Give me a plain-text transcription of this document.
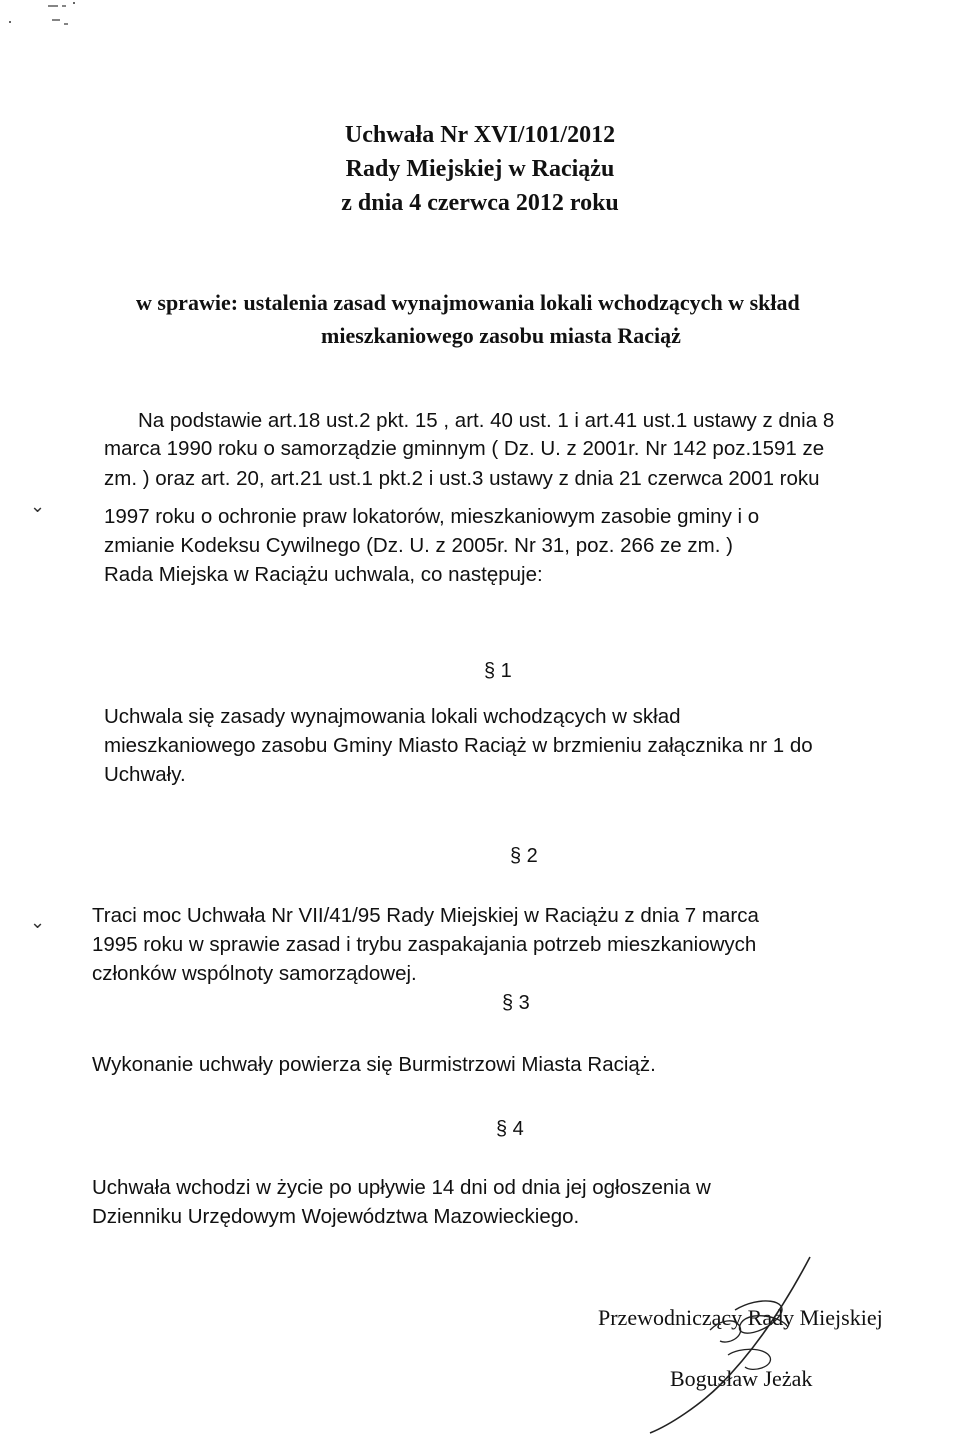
Uchwała Nr XVI/101/2012
Rady Miejskiej w Raciążu
z dnia 4 czerwca 2012 roku
w sprawie: ustalenia zasad wynajmowania lokali wchodzących w skład
mieszkaniowego zasobu miasta Raciąż
Na podstawie art.18 ust.2 pkt. 15 , art. 40 ust. 1 i art.41 ust.1 ustawy z dnia 8
marca 1990 roku o samorządzie gminnym ( Dz. U. z 2001r. Nr 142 poz.1591 ze
zm. ) oraz art. 20, art.21 ust.1 pkt.2 i ust.3 ustawy z dnia 21 czerwca 2001 roku
1997 roku o ochronie praw lokatorów, mieszkaniowym zasobie gminy i o
zmianie Kodeksu Cywilnego (Dz. U. z 2005r. Nr 31, poz. 266 ze zm. )
Rada Miejska w Raciążu uchwala, co następuje:
§ 1
Uchwala się zasady wynajmowania lokali wchodzących w skład
mieszkaniowego zasobu Gminy Miasto Raciąż w brzmieniu załącznika nr 1 do
Uchwały.
§ 2
Traci moc Uchwała Nr VII/41/95 Rady Miejskiej w Raciążu z dnia 7 marca
1995 roku w sprawie zasad i trybu zaspakajania potrzeb mieszkaniowych
członków wspólnoty samorządowej.
§ 3
Wykonanie uchwały powierza się Burmistrzowi Miasta Raciąż.
§ 4
Uchwała wchodzi w życie po upływie 14 dni od dnia jej ogłoszenia w
Dzienniku Urzędowym Województwa Mazowieckiego.
Przewodniczący Rady Miejskiej
Bogusław Jeżak
⌄
⌄
